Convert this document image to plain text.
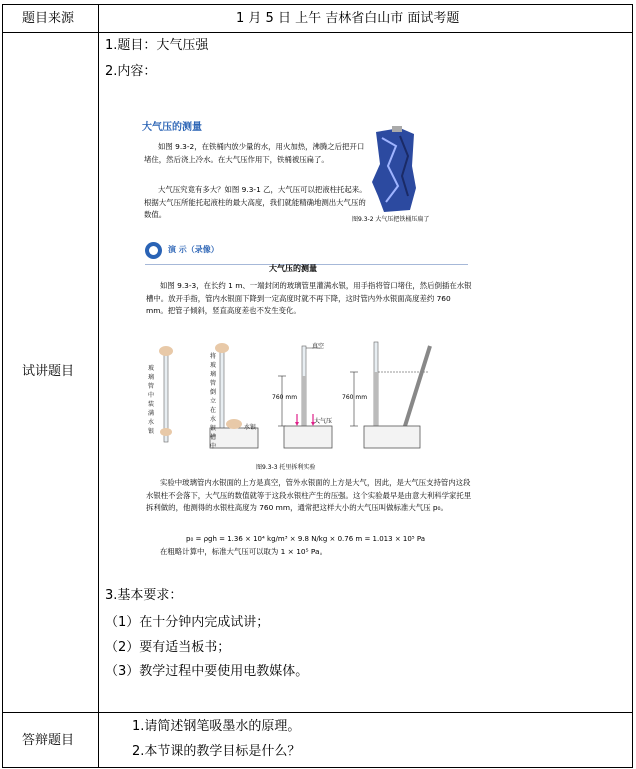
题目来源	1 月 5 日 上午 吉林省白山市 面试考题
试讲题目
1.题目：大气压强
2.内容：
大气压的测量
如图 9.3-2，在铁桶内放少量的水，用火加热，沸腾之后把开口堵住，然后浇上冷水。在大气压作用下，铁桶被压扁了。
大气压究竟有多大？如图 9.3-1 乙，大气压可以把液柱托起来。根据大气压所能托起液柱的最大高度，我们就能精确地测出大气压的数值。
图9.3-2 大气压把铁桶压扁了
演 示（录像）
大气压的测量
如图 9.3-3，在长约 1 m、一端封闭的玻璃管里灌满水银，用手指将管口堵住，然后倒插在水银槽中。放开手指，管内水银面下降到一定高度时就不再下降，这时管内外水银面高度差约 760 mm。把管子倾斜，竖直高度差也不发生变化。
玻璃管中装满水银
将玻璃管倒立在水银槽中
水银
真空
760 mm
大气压
760 mm
图9.3-3 托里拆利实验
实验中玻璃管内水银面的上方是真空，管外水银面的上方是大气，因此，是大气压支持管内这段水银柱不会落下，大气压的数值就等于这段水银柱产生的压强。这个实验最早是由意大利科学家托里拆利做的，他测得的水银柱高度为 760 mm，通常把这样大小的大气压叫做标准大气压 p₀。
p₀ = ρgh = 1.36 × 10⁴ kg/m³ × 9.8 N/kg × 0.76 m = 1.013 × 10⁵ Pa
在粗略计算中，标准大气压可以取为 1 × 10⁵ Pa。
3.基本要求：
（1）在十分钟内完成试讲；
（2）要有适当板书；
（3）教学过程中要使用电教媒体。
答辩题目
1.请简述钢笔吸墨水的原理。
2.本节课的教学目标是什么？
